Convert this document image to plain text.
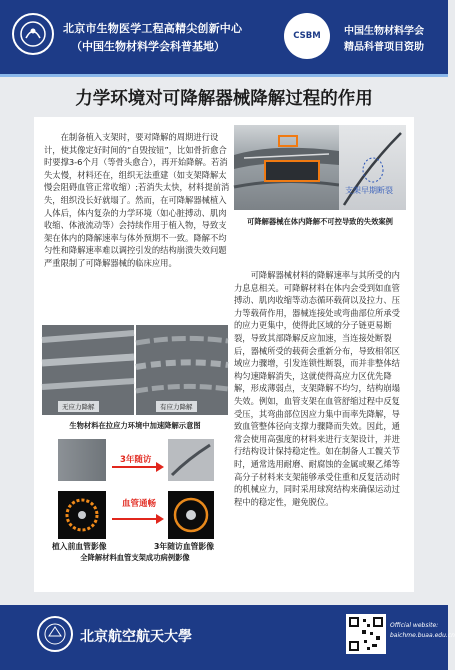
北京市生物医学工程高精尖创新中心
（中国生物材料学会科普基地）
CSBM 中国生物材料学会
精品科普项目资助
力学环境对可降解器械降解过程的作用

在制备植入支架时，要对降解的周期进行设计，使其像定好时间的“自毁按钮”，比如骨折愈合时要撑3-6个月（等骨头愈合），再开始降解。若消失太慢，材料还在，组织无法重建（如支架降解太慢会阻碍血管正常收缩）;若消失太快，材料提前消失，组织没长好就塌了。然而，在可降解器械植入人体后，体内复杂的力学环境（如心脏搏动、肌肉收缩、体液流动等）会持续作用于植入物，导致支架在体内的降解速率与体外预期不一致。降解不均匀性和降解速率难以调控引发的结构崩溃失效问题严重限制了可降解器械的临床应用。

支架早期断裂
可降解器械在体内降解不可控导致的失效案例

可降解器械材料的降解速率与其所受的内力息息相关。可降解材料在体内会受到如血管搏动、肌肉收缩等动态循环载荷以及拉力、压力等载荷作用，器械连接处或弯曲部位所承受的应力更集中，使得此区域的分子链更易断裂，导致其部降解反应加速，当连接处断裂后，器械所受的载荷会重新分布，导致相邻区域应力骤增，引发连锁性断裂，而并非整体结构匀速降解消失，这就使得高应力区优先降解，形成薄弱点，支架降解不均匀，结构崩塌失效。例如，血管支架在血管舒缩过程中反复受压，其弯曲部位因应力集中而率先降解，导致血管整体径向支撑力骤降而失效。因此，通常会使用高强度的材料来进行支架设计，并进行结构设计保持稳定性。如在制备人工髋关节时，通常选用耐磨、耐腐蚀的金属或聚乙烯等高分子材料来支架能够承受住重和反复活动时的机械应力，同时采用球窝结构来确保运动过程中的稳定性，避免脱位。

无应力降解	有应力降解
生物材料在拉应力环境中加速降解示意图
3年随访
血管通畅
植入前血管影像	3年随访血管影像
全降解材料血管支架成功病例影像
北京航空航天大學
Official website:
baichme.buaa.edu.cn
